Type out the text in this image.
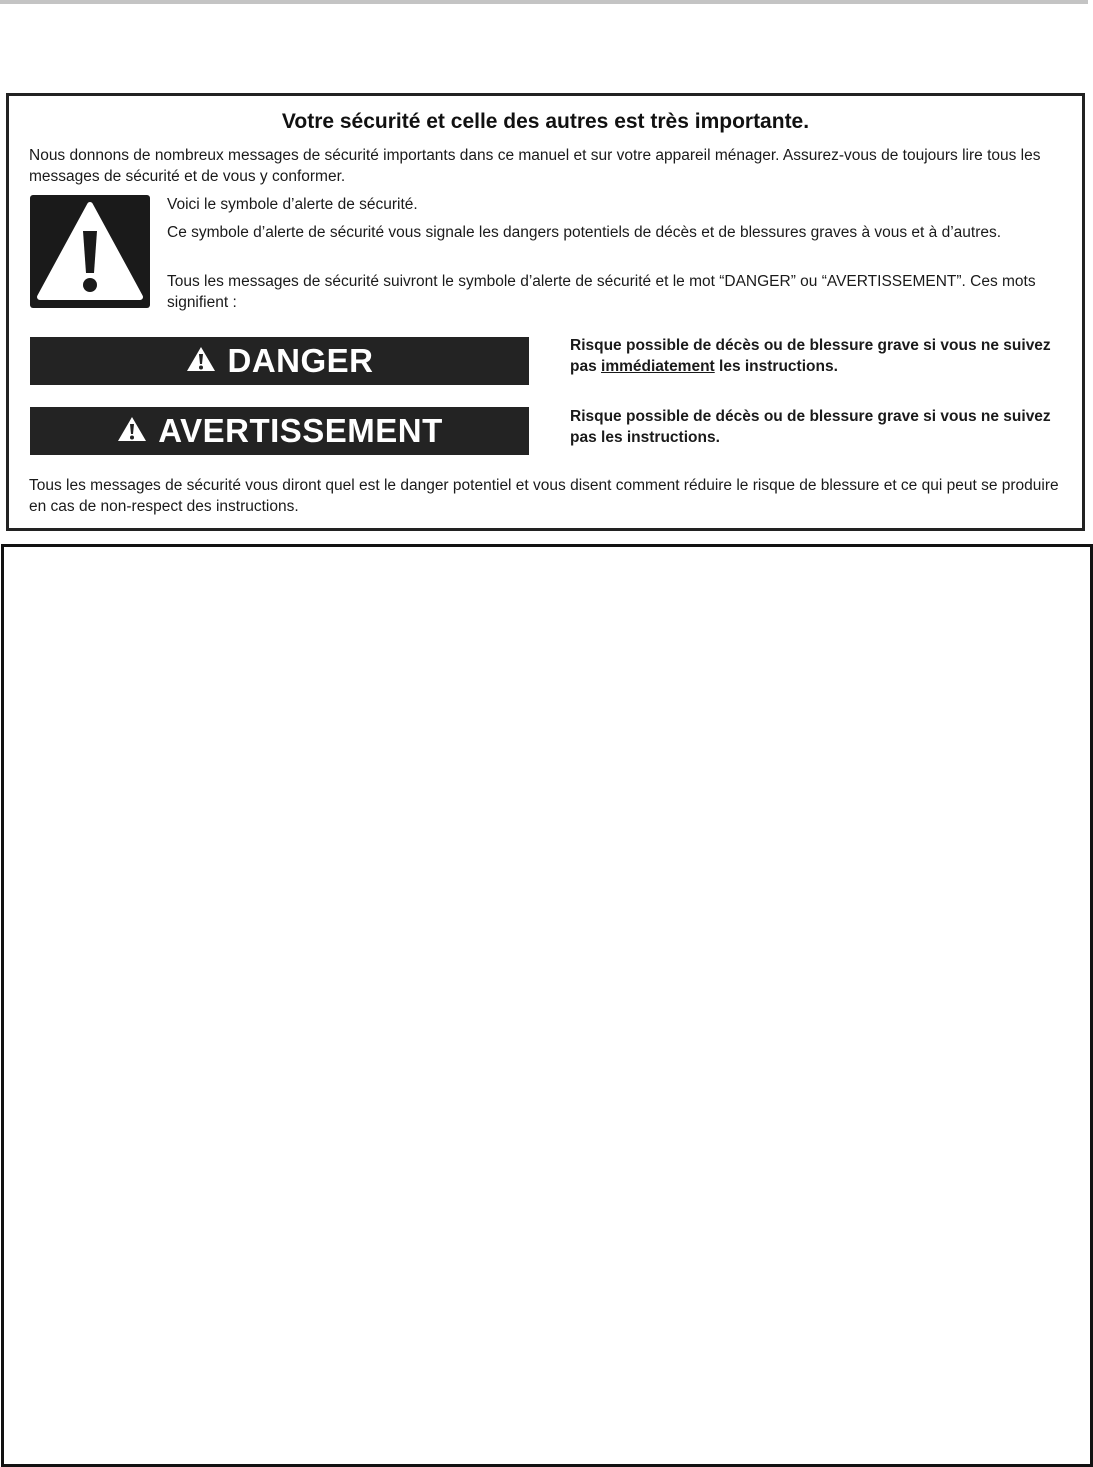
Votre sécurité et celle des autres est très importante.
Nous donnons de nombreux messages de sécurité importants dans ce manuel et sur votre appareil ménager. Assurez-vous de toujours lire tous les messages de sécurité et de vous y conformer.
Voici le symbole d’alerte de sécurité.
Ce symbole d’alerte de sécurité vous signale les dangers potentiels de décès et de blessures graves à vous et à d’autres.
Tous les messages de sécurité suivront le symbole d’alerte de sécurité et le mot “DANGER” ou “AVERTISSEMENT”. Ces mots signifient :
DANGER	Risque possible de décès ou de blessure grave si vous ne suivez pas immédiatement les instructions.
AVERTISSEMENT	Risque possible de décès ou de blessure grave si vous ne suivez pas les instructions.
Tous les messages de sécurité vous diront quel est le danger potentiel et vous disent comment réduire le risque de blessure et ce qui peut se produire en cas de non-respect des instructions.
